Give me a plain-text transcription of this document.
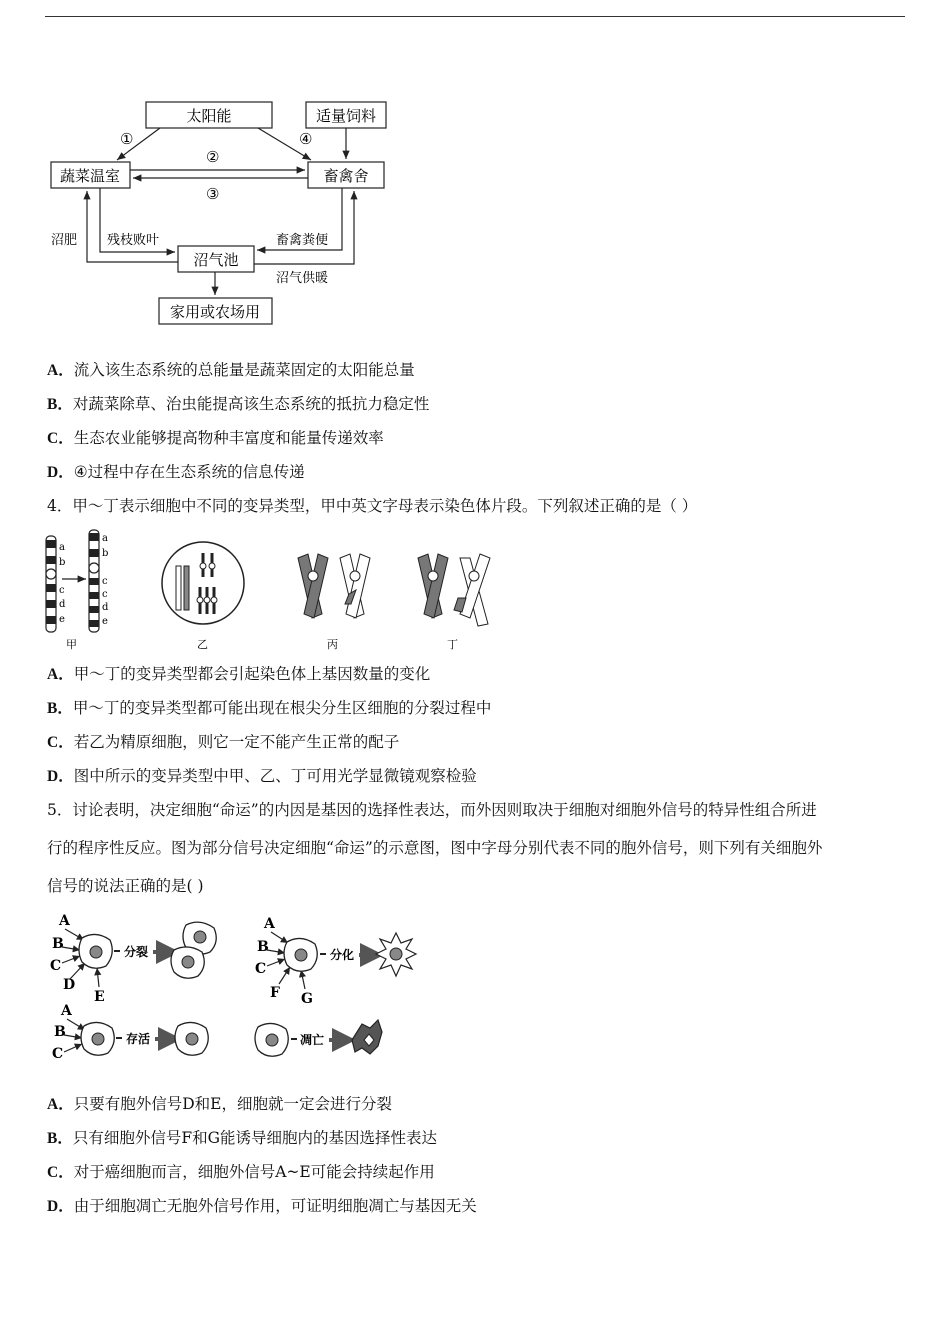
太阳能	适量饲料
蔬菜温室	畜禽舍
沼气池
家用或农场用
①
②
③
④
沼肥 残枝败叶	畜禽粪便
沼气供暖
A．流入该生态系统的总能量是蔬菜固定的太阳能总量
B．对蔬菜除草、治虫能提高该生态系统的抵抗力稳定性
C．生态农业能够提高物种丰富度和能量传递效率
D．④过程中存在生态系统的信息传递
4．甲～丁表示细胞中不同的变异类型，甲中英文字母表示染色体片段。下列叙述正确的是（ ）
a
b
c
d
e
a
b
c
c
d
e
甲	乙	丙	丁
A．甲～丁的变异类型都会引起染色体上基因数量的变化
B．甲～丁的变异类型都可能出现在根尖分生区细胞的分裂过程中
C．若乙为精原细胞，则它一定不能产生正常的配子
D．图中所示的变异类型中甲、乙、丁可用光学显微镜观察检验
5．讨论表明，决定细胞“命运”的内因是基因的选择性表达，而外因则取决于细胞对细胞外信号的特异性组合所进
行的程序性反应。图为部分信号决定细胞“命运”的示意图，图中字母分别代表不同的胞外信号，则下列有关细胞外
信号的说法正确的是( )
A
B
C
D
E
分裂
A
B
C
F G
分化
A
B
C
存活	凋亡
A．只要有胞外信号D和E，细胞就一定会进行分裂
B．只有细胞外信号F和G能诱导细胞内的基因选择性表达
C．对于癌细胞而言，细胞外信号A~E可能会持续起作用
D．由于细胞凋亡无胞外信号作用，可证明细胞凋亡与基因无关
